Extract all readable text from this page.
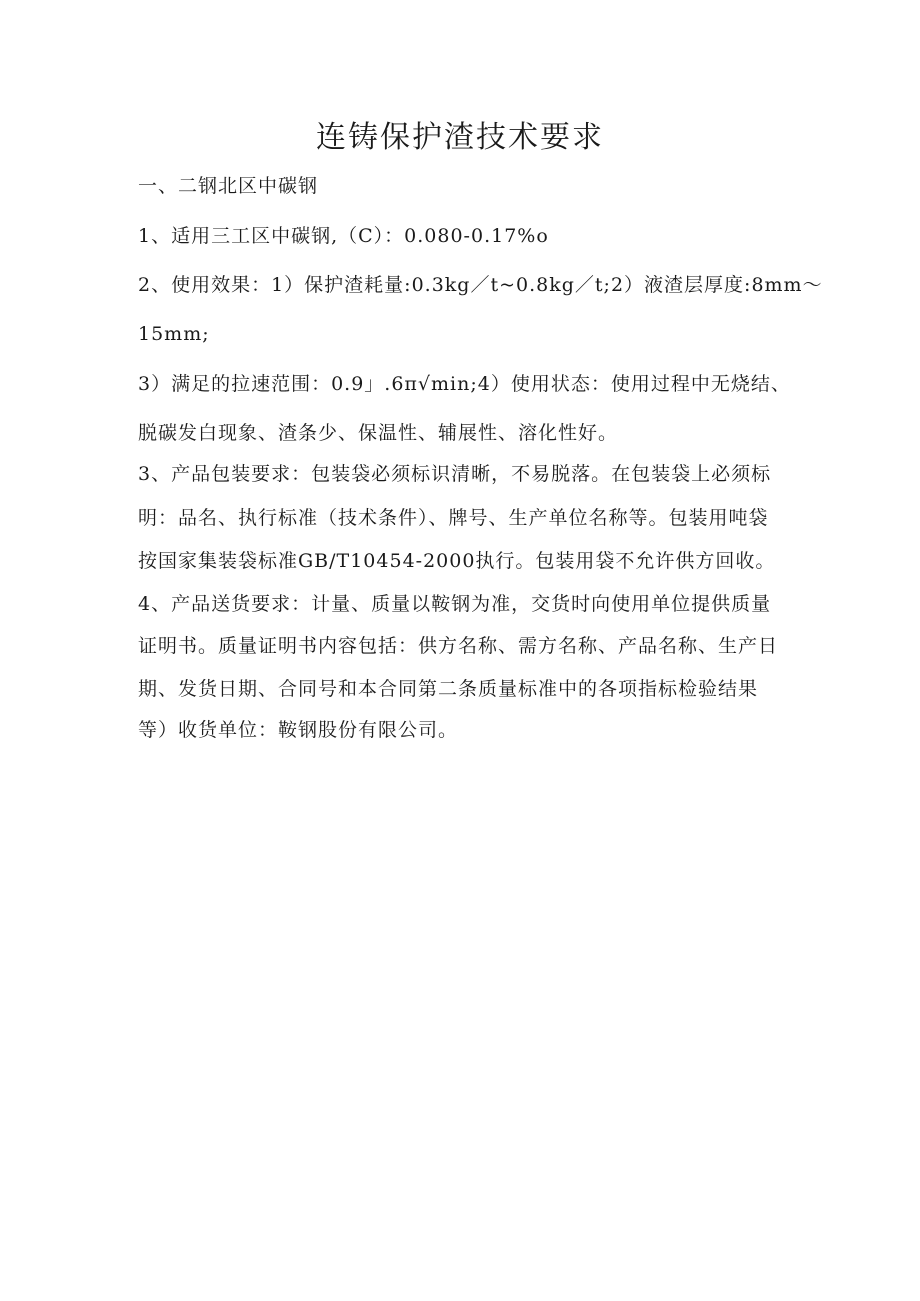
连铸保护渣技术要求

一、二钢北区中碳钢

1、适用三工区中碳钢,（C）：0.080-0.17%o

2、使用效果：1）保护渣耗量:0.3kg／t~0.8kg／t;2）液渣层厚度:8mm～

15mm;

3）满足的拉速范围：0.9」.6π√min;4）使用状态：使用过程中无烧结、

脱碳发白现象、渣条少、保温性、辅展性、溶化性好。

3、产品包装要求：包装袋必须标识清晰，不易脱落。在包装袋上必须标

明：品名、执行标准（技术条件）、牌号、生产单位名称等。包装用吨袋

按国家集装袋标准GB/T10454-2000执行。包装用袋不允许供方回收。

4、产品送货要求：计量、质量以鞍钢为准，交货时向使用单位提供质量

证明书。质量证明书内容包括：供方名称、需方名称、产品名称、生产日

期、发货日期、合同号和本合同第二条质量标准中的各项指标检验结果

等）收货单位：鞍钢股份有限公司。
